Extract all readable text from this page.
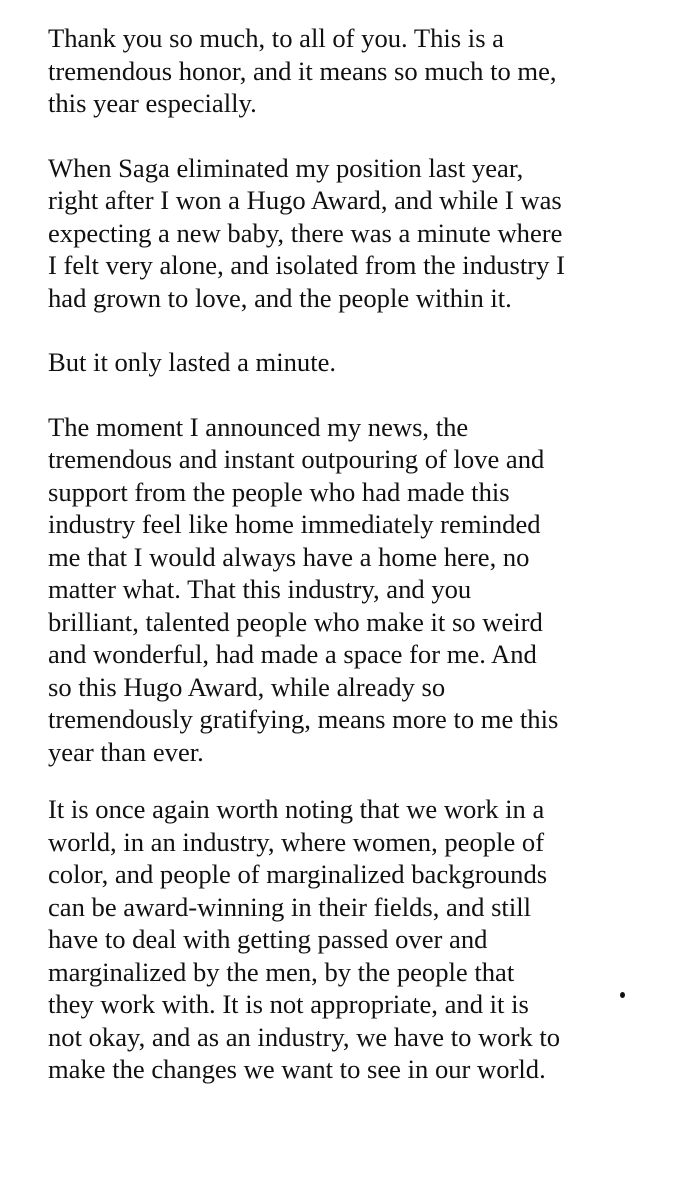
Thank you so much, to all of you. This is a
tremendous honor, and it means so much to me,
this year especially.

When Saga eliminated my position last year,
right after I won a Hugo Award, and while I was
expecting a new baby, there was a minute where
I felt very alone, and isolated from the industry I
had grown to love, and the people within it.

But it only lasted a minute.

The moment I announced my news, the
tremendous and instant outpouring of love and
support from the people who had made this
industry feel like home immediately reminded
me that I would always have a home here, no
matter what. That this industry, and you
brilliant, talented people who make it so weird
and wonderful, had made a space for me. And
so this Hugo Award, while already so
tremendously gratifying, means more to me this
year than ever.

It is once again worth noting that we work in a
world, in an industry, where women, people of
color, and people of marginalized backgrounds
can be award-winning in their fields, and still
have to deal with getting passed over and
marginalized by the men, by the people that
they work with. It is not appropriate, and it is
not okay, and as an industry, we have to work to
make the changes we want to see in our world.
